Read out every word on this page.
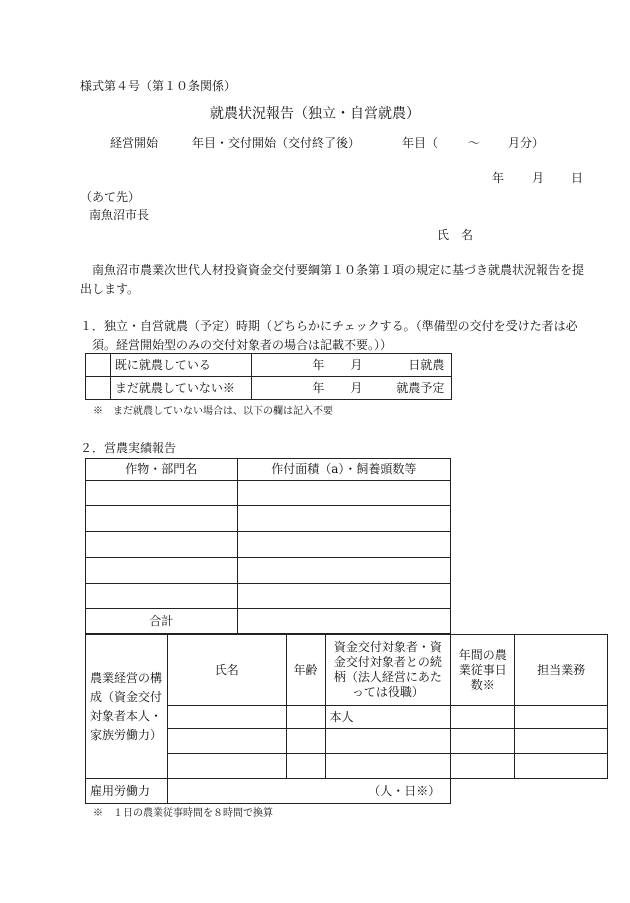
様式第４号（第１０条関係）
就農状況報告（独立・自営就農）
経営開始	年目・交付開始（交付終了後）	年目（ ～ 月分）
年 月 日
（あて先）
南魚沼市長
氏　名
南魚沼市農業次世代人材投資資金交付要綱第１０条第１項の規定に基づき就農状況報告を提出します。
１．独立・自営就農（予定）時期（どちらかにチェックする。（準備型の交付を受けた者は必須。経営開始型のみの交付対象者の場合は記載不要。））
	既に就農している	年 月 日就農
	まだ就農していない※	年 月 就農予定
※　まだ就農していない場合は、以下の欄は記入不要
２．営農実績報告
作物・部門名	作付面積（a）・飼養頭数等

合計	
農業経営の構成（資金交付対象者本人・家族労働力）	氏名	年齢	資金交付対象者・資金交付対象者との続柄（法人経営にあたっては役職）	年間の農業従事日数※	担当業務
			本人		

雇用労働力	（人・日※）				
※　１日の農業従事時間を８時間で換算
